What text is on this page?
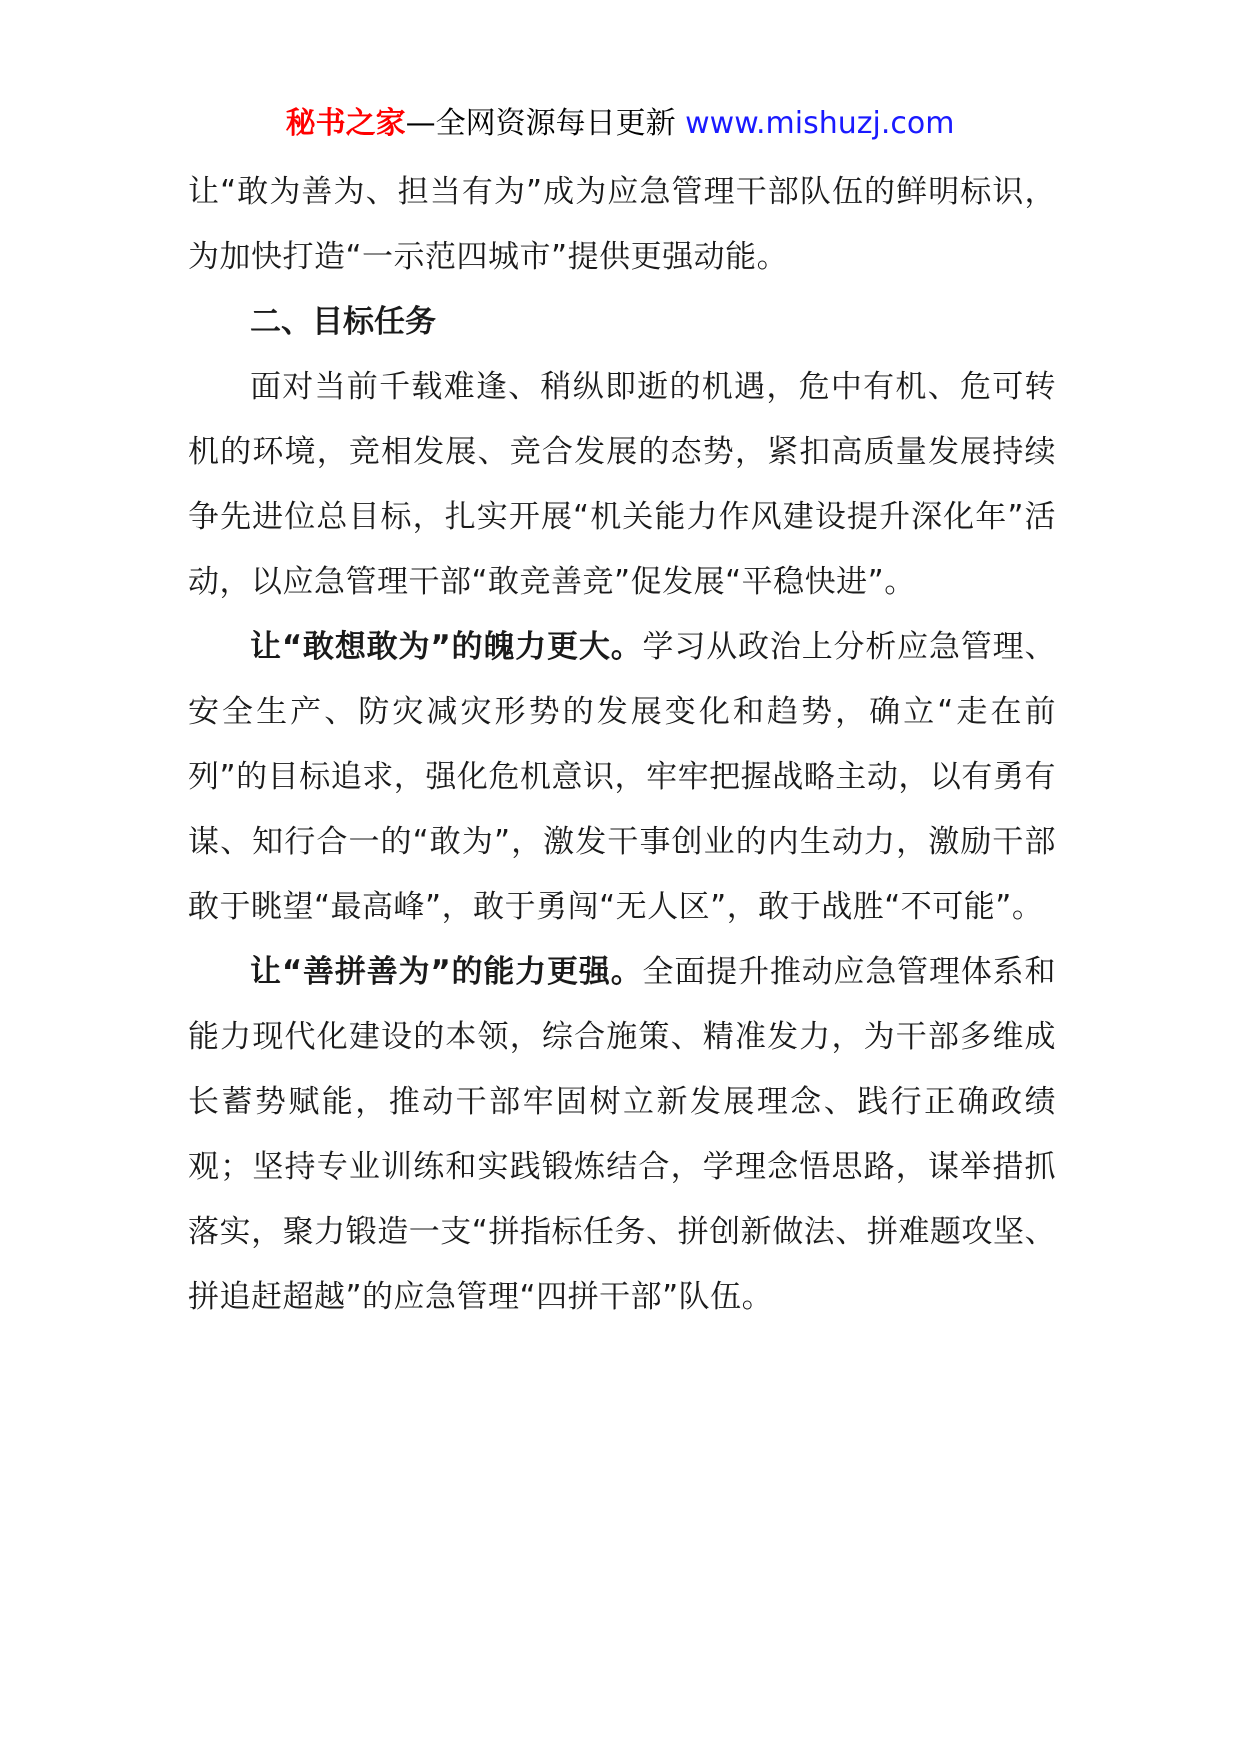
秘书之家—全网资源每日更新 www.mishuzj.com

让“敢为善为、担当有为”成为应急管理干部队伍的鲜明标识，为加快打造“一示范四城市”提供更强动能。

二、目标任务

面对当前千载难逢、稍纵即逝的机遇，危中有机、危可转机的环境，竞相发展、竞合发展的态势，紧扣高质量发展持续争先进位总目标，扎实开展“机关能力作风建设提升深化年”活动，以应急管理干部“敢竞善竞”促发展“平稳快进”。

让“敢想敢为”的魄力更大。学习从政治上分析应急管理、安全生产、防灾减灾形势的发展变化和趋势，确立“走在前列”的目标追求，强化危机意识，牢牢把握战略主动，以有勇有谋、知行合一的“敢为”，激发干事创业的内生动力，激励干部敢于眺望“最高峰”，敢于勇闯“无人区”，敢于战胜“不可能”。

让“善拼善为”的能力更强。全面提升推动应急管理体系和能力现代化建设的本领，综合施策、精准发力，为干部多维成长蓄势赋能，推动干部牢固树立新发展理念、践行正确政绩观；坚持专业训练和实践锻炼结合，学理念悟思路，谋举措抓落实，聚力锻造一支“拼指标任务、拼创新做法、拼难题攻坚、拼追赶超越”的应急管理“四拼干部”队伍。
